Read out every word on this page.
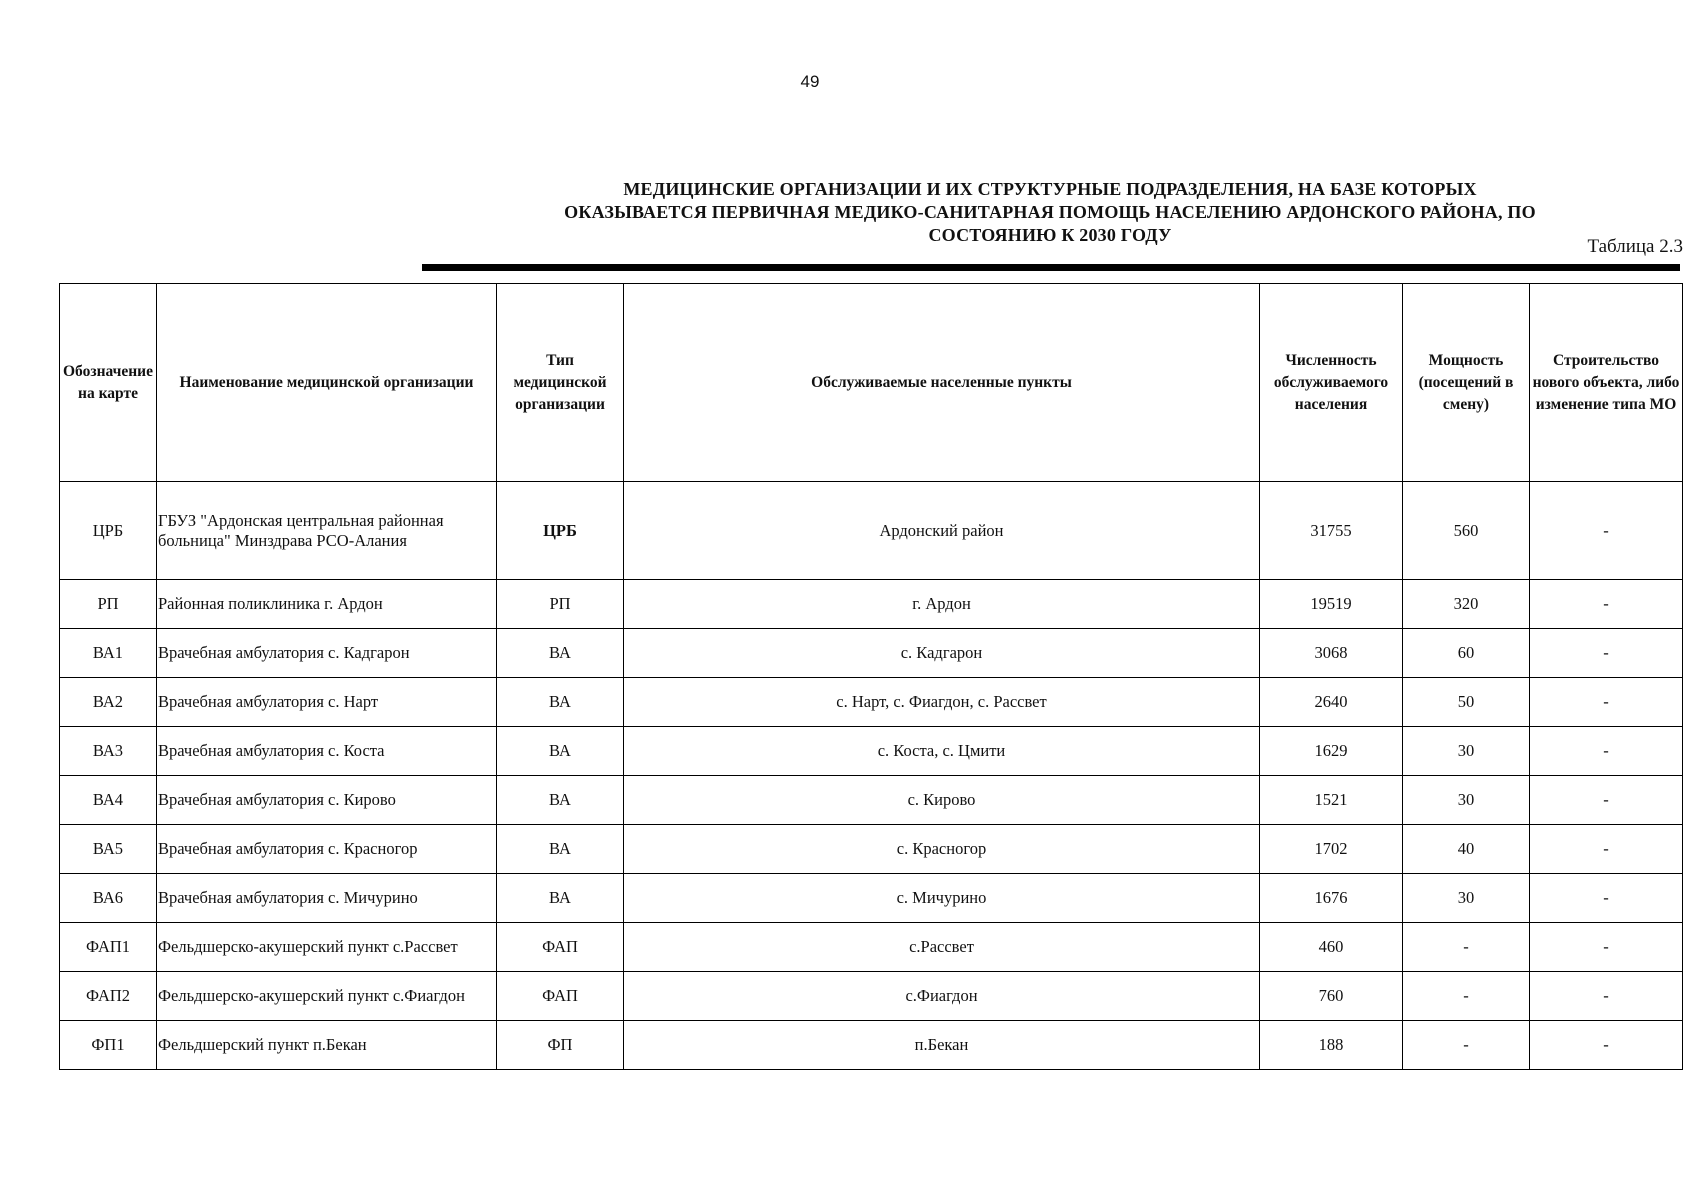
49
МЕДИЦИНСКИЕ ОРГАНИЗАЦИИ И ИХ СТРУКТУРНЫЕ ПОДРАЗДЕЛЕНИЯ, НА БАЗЕ КОТОРЫХ
ОКАЗЫВАЕТСЯ ПЕРВИЧНАЯ МЕДИКО-САНИТАРНАЯ ПОМОЩЬ НАСЕЛЕНИЮ АРДОНСКОГО РАЙОНА, ПО
СОСТОЯНИЮ К 2030 ГОДУ
Таблица 2.3
Обозначение на карте	Наименование медицинской организации	Тип медицинской организации	Обслуживаемые населенные пункты	Численность обслуживаемого населения	Мощность (посещений в смену)	Строительство нового объекта, либо изменение типа МО
ЦРБ	ГБУЗ "Ардонская центральная районная больница" Минздрава РСО-Алания	ЦРБ	Ардонский район	31755	560	-
РП	Районная поликлиника г. Ардон	РП	г. Ардон	19519	320	-
ВА1	Врачебная амбулатория с. Кадгарон	ВА	с. Кадгарон	3068	60	-
ВА2	Врачебная амбулатория с. Нарт	ВА	с. Нарт, с. Фиагдон, с. Рассвет	2640	50	-
ВА3	Врачебная амбулатория с. Коста	ВА	с. Коста, с. Цмити	1629	30	-
ВА4	Врачебная амбулатория с. Кирово	ВА	с. Кирово	1521	30	-
ВА5	Врачебная амбулатория с. Красногор	ВА	с. Красногор	1702	40	-
ВА6	Врачебная амбулатория с. Мичурино	ВА	с. Мичурино	1676	30	-
ФАП1	Фельдшерско-акушерский пункт с.Рассвет	ФАП	с.Рассвет	460	-	-
ФАП2	Фельдшерско-акушерский пункт с.Фиагдон	ФАП	с.Фиагдон	760	-	-
ФП1	Фельдшерский пункт п.Бекан	ФП	п.Бекан	188	-	-
